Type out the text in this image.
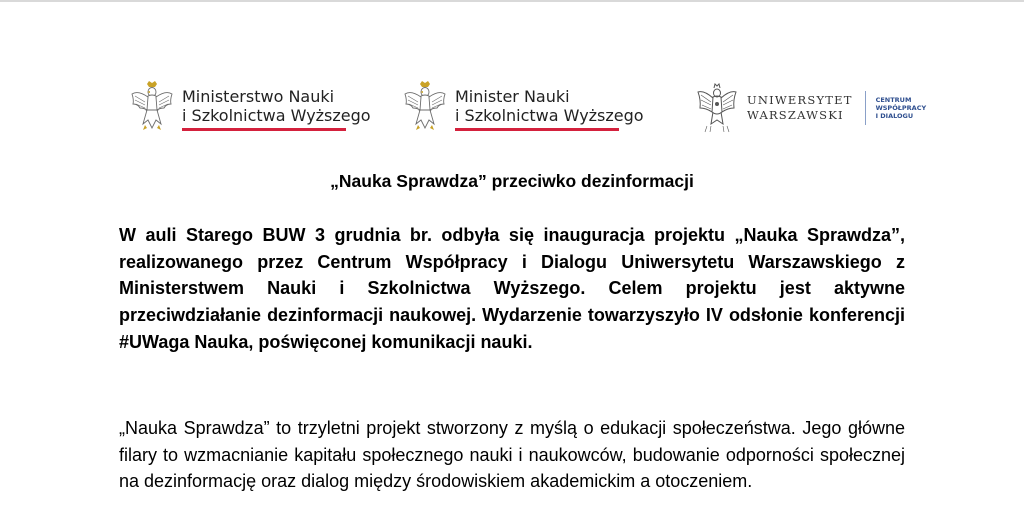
Ministerstwo Nauki
i Szkolnictwa Wyższego
Minister Nauki
i Szkolnictwa Wyższego
UNIWERSYTET
WARSZAWSKI
CENTRUM
WSPÓŁPRACY
I DIALOGU
„Nauka Sprawdza” przeciwko dezinformacji
W auli Starego BUW 3 grudnia br. odbyła się inauguracja projektu „Nauka Sprawdza”, realizowanego przez Centrum Współpracy i Dialogu Uniwersytetu Warszawskiego z Ministerstwem Nauki i Szkolnictwa Wyższego. Celem projektu jest aktywne przeciwdziałanie dezinformacji naukowej. Wydarzenie towarzyszyło IV odsłonie konferencji #UWaga Nauka, poświęconej komunikacji nauki.
„Nauka Sprawdza” to trzyletni projekt stworzony z myślą o edukacji społeczeństwa. Jego główne filary to wzmacnianie kapitału społecznego nauki i naukowców, budowanie odporności społecznej na dezinformację oraz dialog między środowiskiem akademickim a otoczeniem.
